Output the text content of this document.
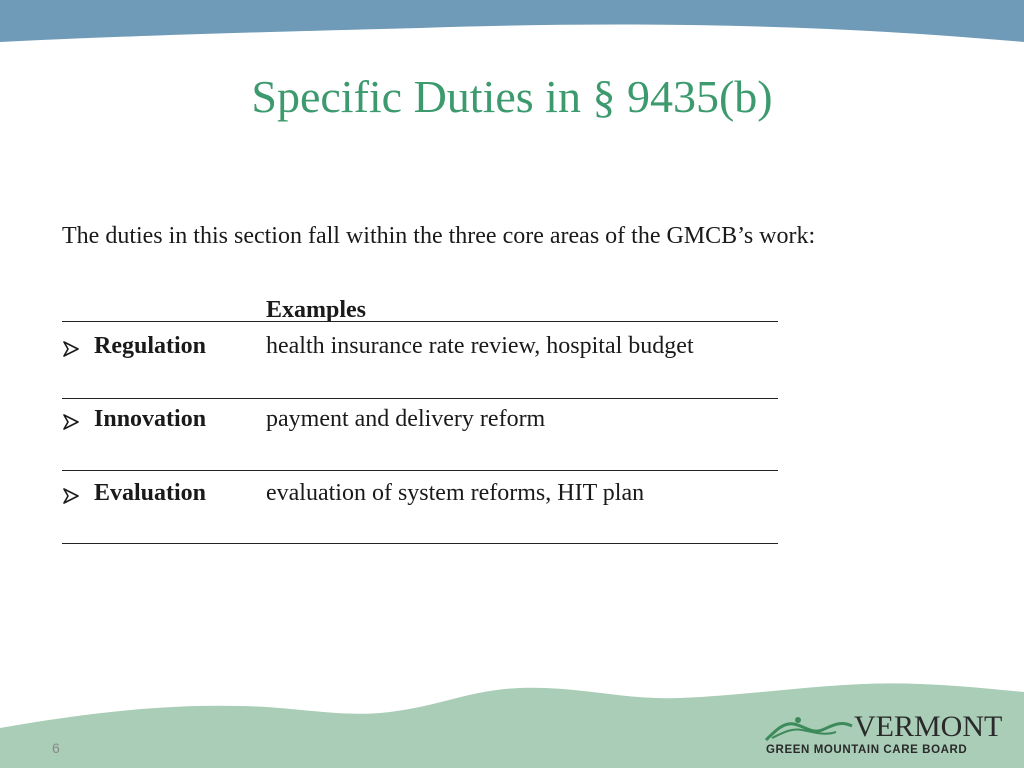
Specific Duties in § 9435(b)
The duties in this section fall within the three core areas of the GMCB’s work:
Examples
Regulation health insurance rate review, hospital budget
Innovation payment and delivery reform
Evaluation evaluation of system reforms, HIT plan
6
VERMONT
GREEN MOUNTAIN CARE BOARD
